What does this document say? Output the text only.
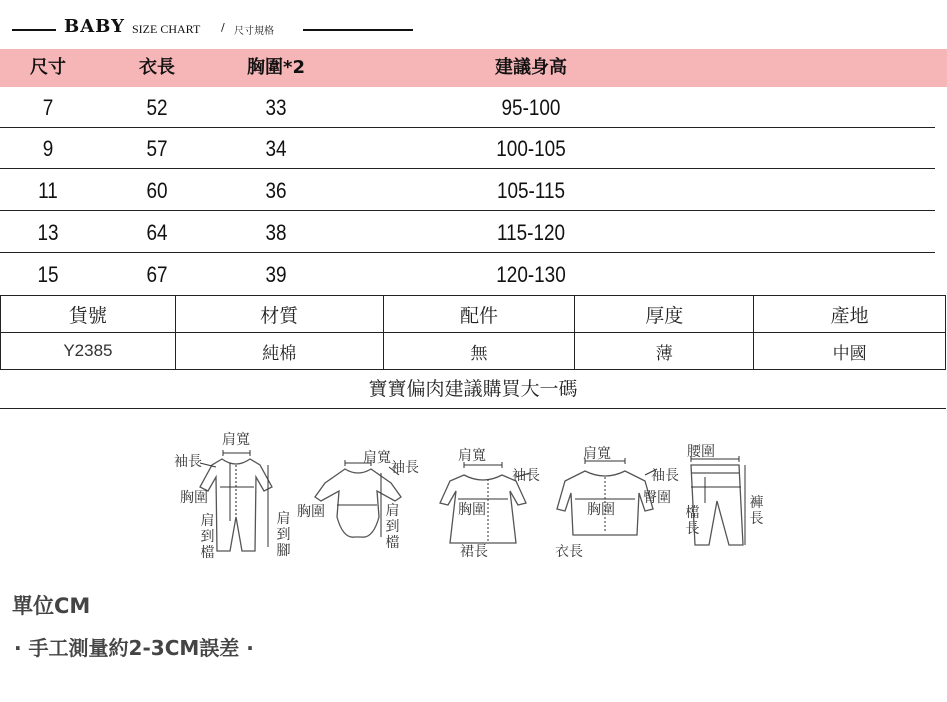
BABY SIZE CHART / 尺寸規格
尺寸	衣長	胸圍*2	建議身高
7	52	33	95-100
9	57	34	100-105
11	60	36	105-115
13	64	38	115-120
15	67	39	120-130
貨號	材質	配件	厚度	產地
Y2385	純棉	無	薄	中國
寶寶偏肉建議購買大一碼
肩寬
袖長
胸圍
肩到檔
肩到腳
肩寬
袖長
胸圍	肩到檔
肩寬
袖長
胸圍
裙長
肩寬
袖長
胸圍
衣長
腰圍
臀圍
檔長
褲長
單位CM
· 手工測量約2-3CM誤差 ·
